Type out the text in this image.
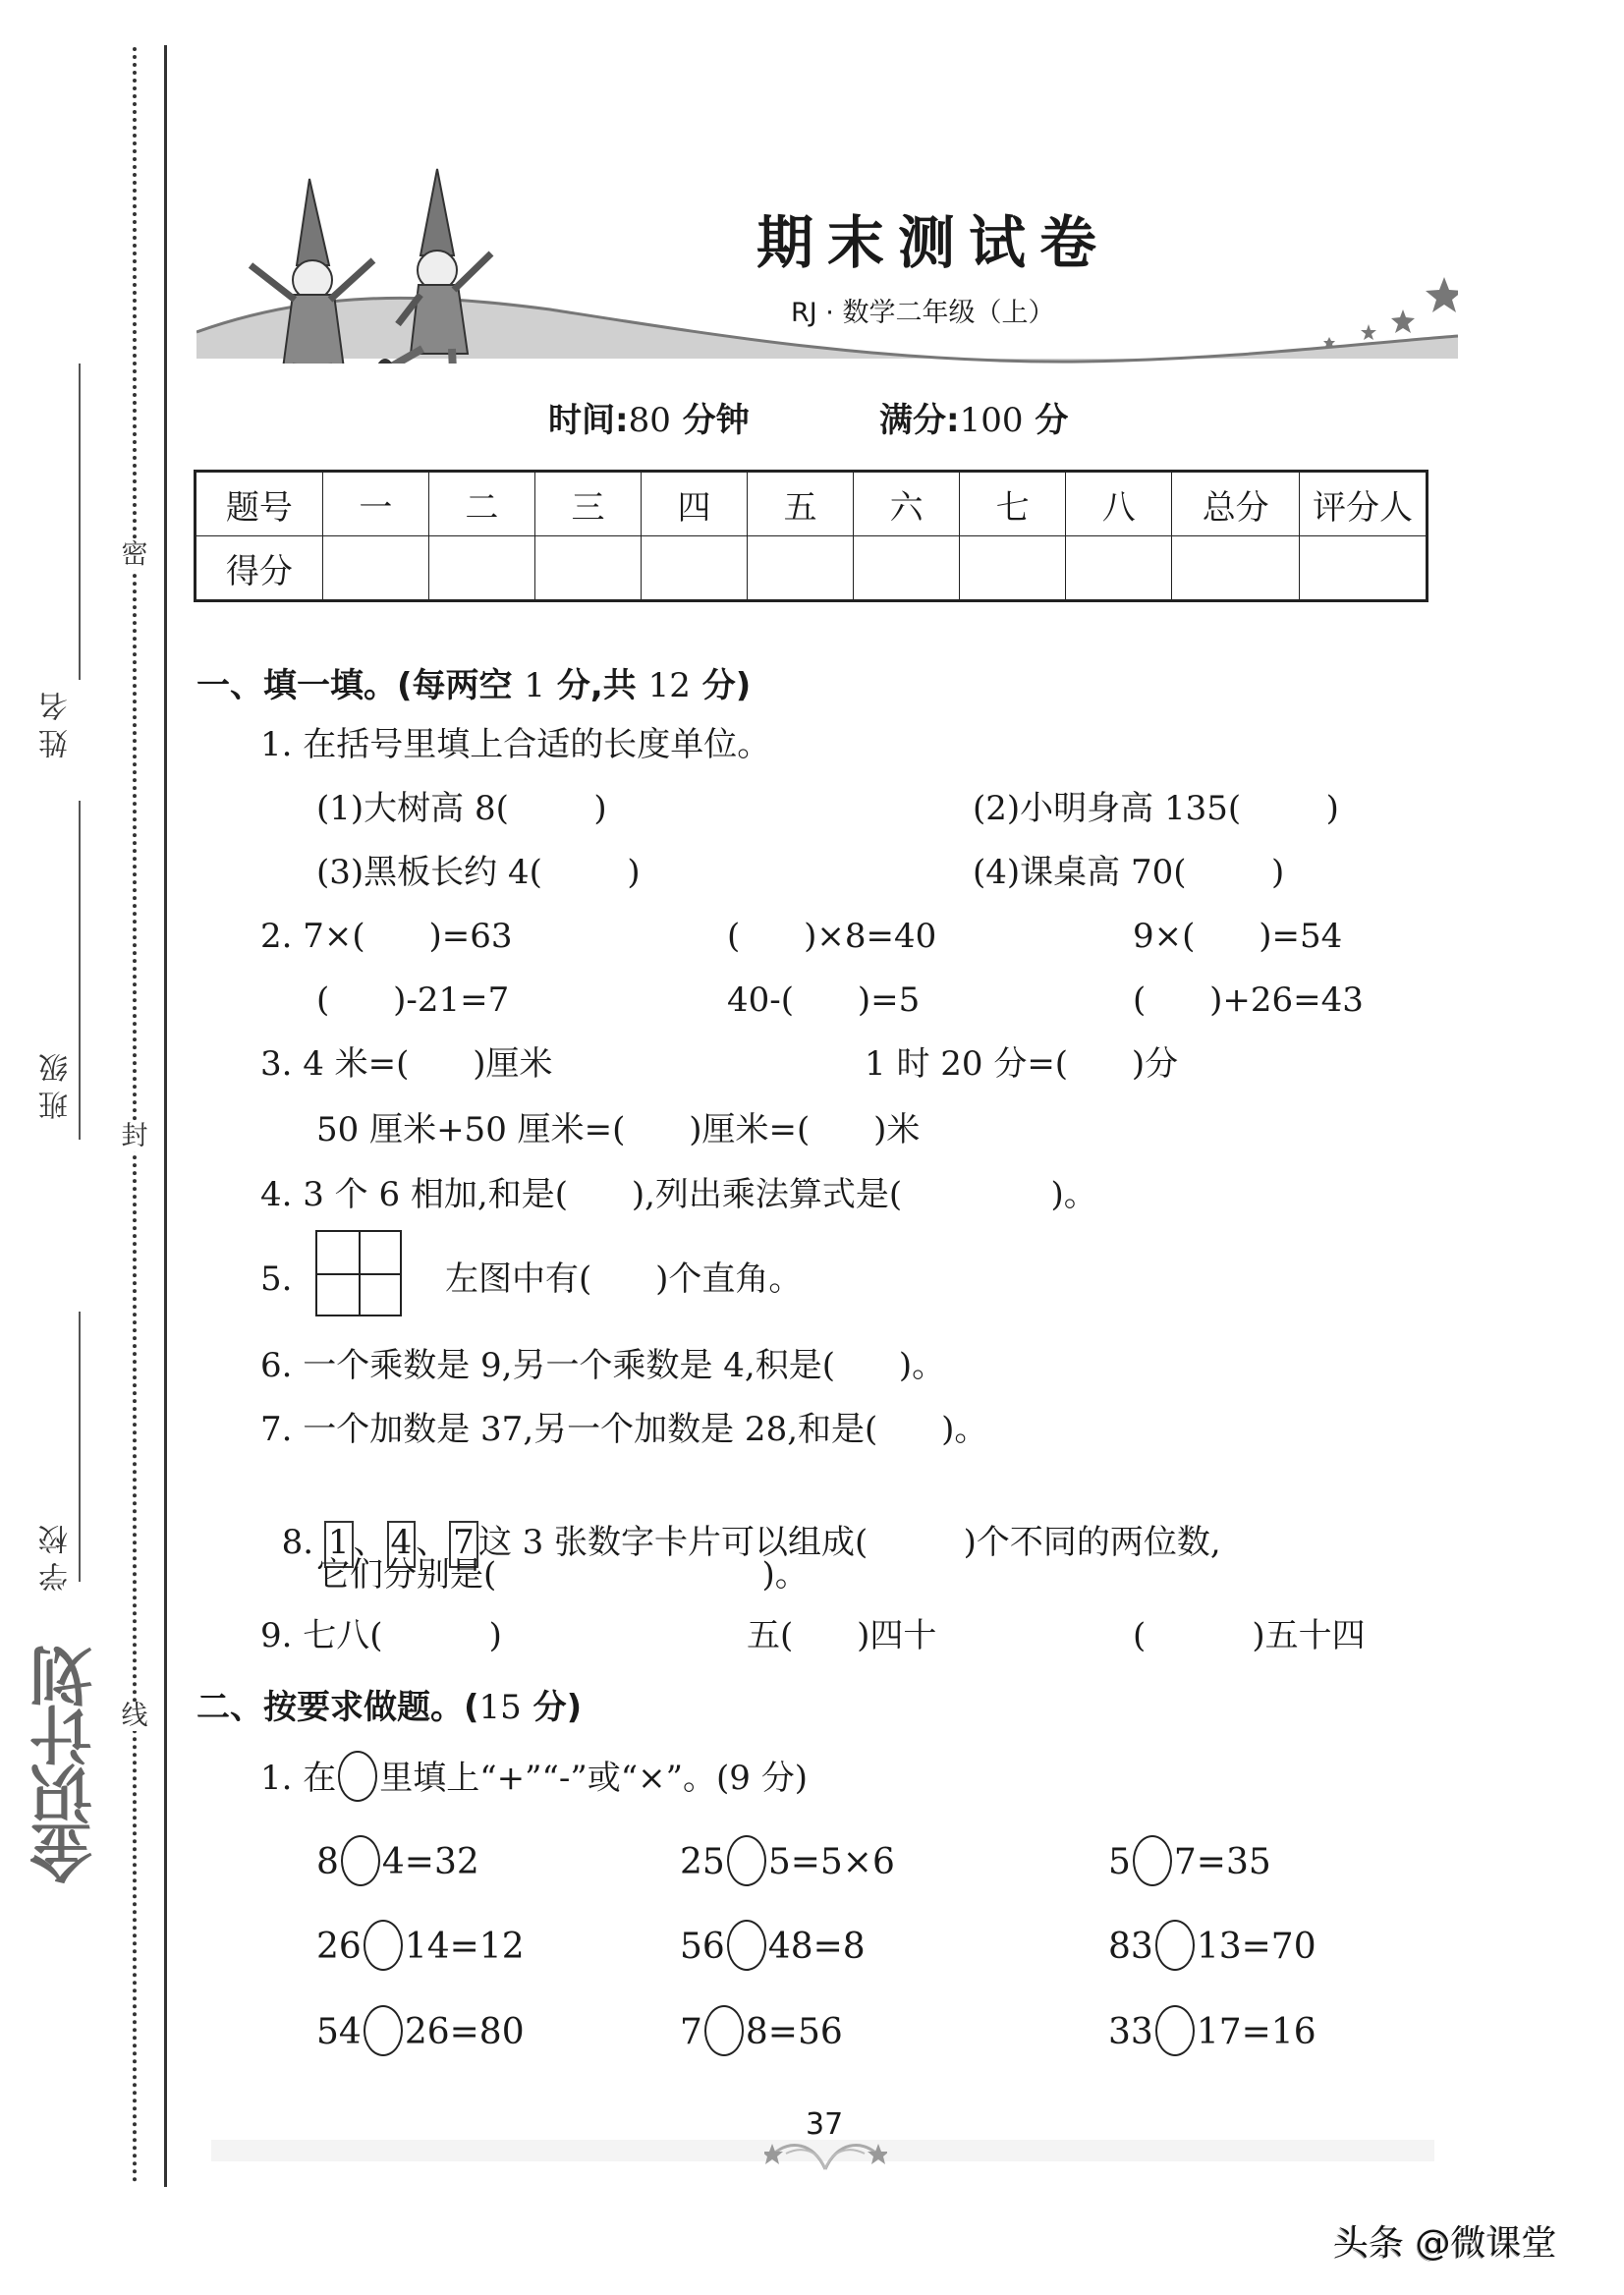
密
封
线
姓名
班级
学校
金识计划
期末测试卷
RJ · 数学二年级（上）
时间:80 分钟	满分:100 分
题号	一	二	三	四	五	六	七	八	总分	评分人
得分										
一、填一填。(每两空 1 分,共 12 分)
1. 在括号里填上合适的长度单位。
(1)大树高 8(        )	(2)小明身高 135(        )
(3)黑板长约 4(        )	(4)课桌高 70(        )
2. 7×(      )=63	(      )×8=40	9×(      )=54
(      )-21=7	40-(      )=5	(      )+26=43
3. 4 米=(      )厘米	1 时 20 分=(      )分
50 厘米+50 厘米=(      )厘米=(      )米
4. 3 个 6 相加,和是(      ),列出乘法算式是(              )。
5.	左图中有(      )个直角。
6. 一个乘数是 9,另一个乘数是 4,积是(      )。
7. 一个加数是 37,另一个加数是 28,和是(      )。

8. 1 、 4 、 7 这 3 张数字卡片可以组成(         )个不同的两位数,

它们分别是(                         )。
9. 七八(          )	五(      )四十	(          )五十四
二、按要求做题。(15 分)
1. 在 里填上“+”“-”或“×”。(9 分)
8 4=32	25 5=5×6	5 7=35
26 14=12	56 48=8	83 13=70
54 26=80	7 8=56	33 17=16
37
头条 @微课堂
